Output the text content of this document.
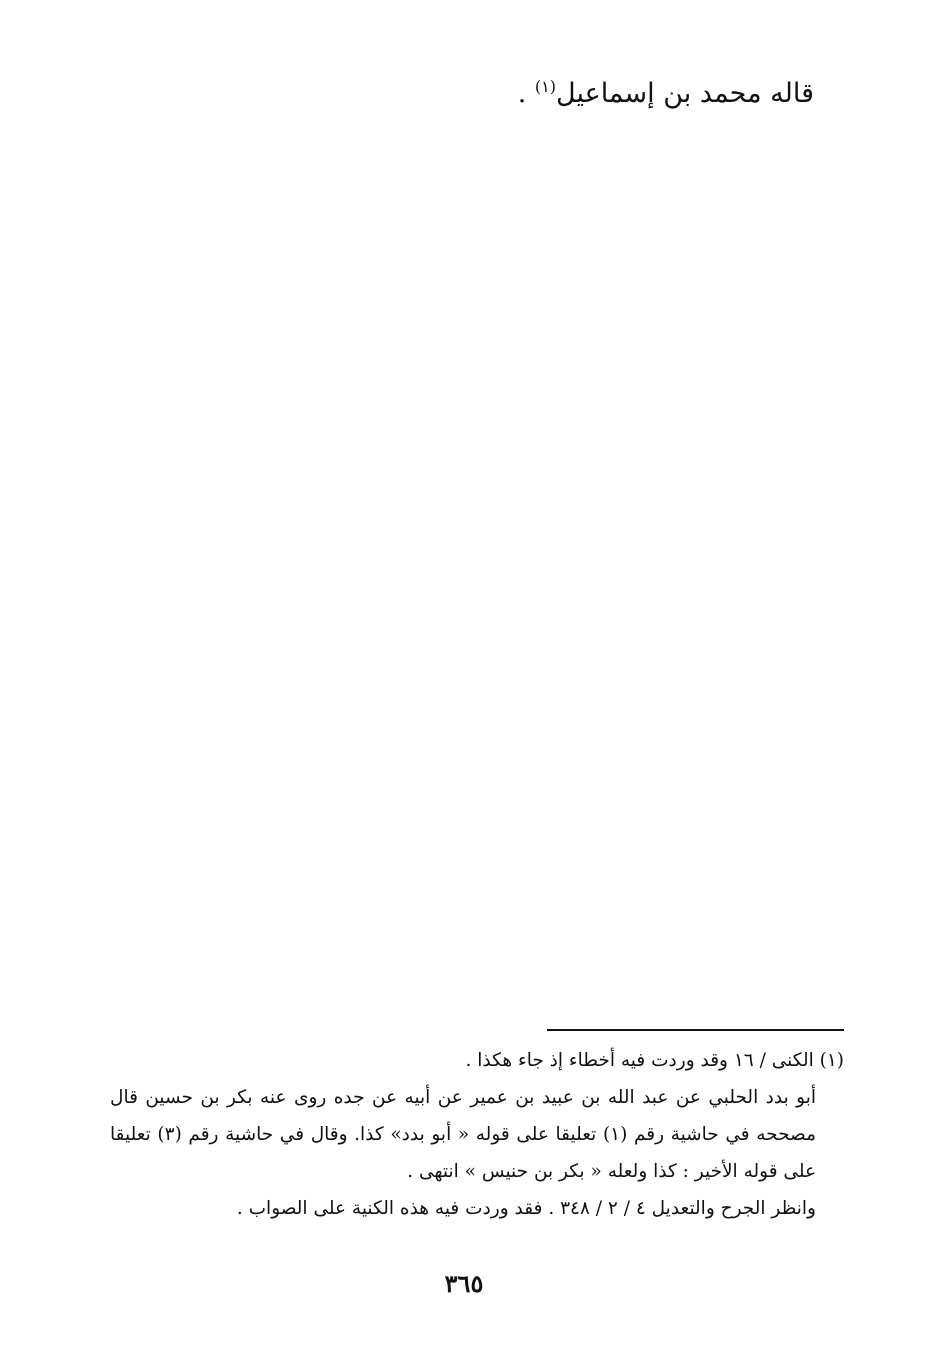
قاله محمد بن إسماعيل$^{(١)}$ .
(١) الكنى / ١٦ وقد وردت فيه أخطاء إذ جاء هكذا .
أبو بدد الحلبي عن عبد الله بن عبيد بن عمير عن أبيه عن جده روى عنه بكر بن حسين قال
مصححه في حاشية رقم (١) تعليقا على قوله « أبو بدد» كذا. وقال في حاشية رقم (٣) تعليقا
على قوله الأخير : كذا ولعله « بكر بن حنيس » انتهى .
وانظر الجرح والتعديل ٤ / ٢ / ٣٤٨ . فقد وردت فيه هذه الكنية على الصواب .
٣٦٥
